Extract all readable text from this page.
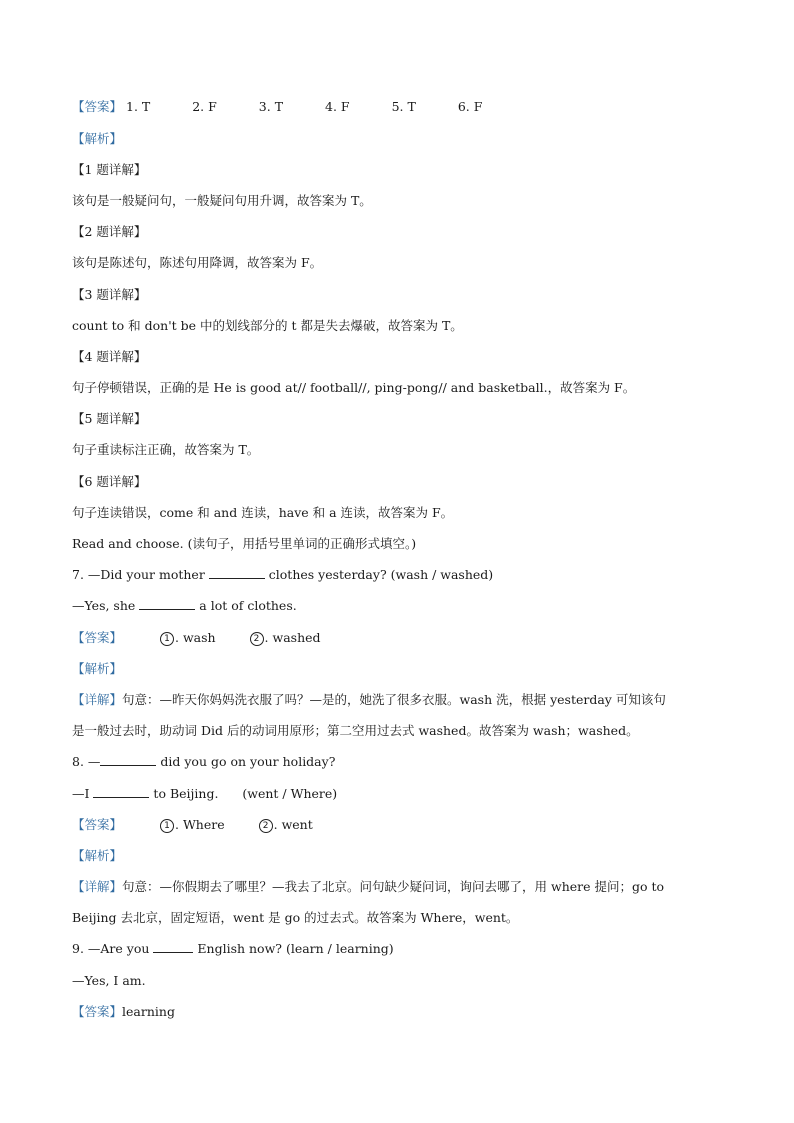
【答案】 1. T	2. F	3. T	4. F	5. T	6. F
【解析】
【1 题详解】
该句是一般疑问句，一般疑问句用升调，故答案为 T。
【2 题详解】
该句是陈述句，陈述句用降调，故答案为 F。
【3 题详解】
count to 和 don't be 中的划线部分的 t 都是失去爆破，故答案为 T。
【4 题详解】
句子停顿错误，正确的是 He is good at// football//, ping-pong// and basketball.，故答案为 F。
【5 题详解】
句子重读标注正确，故答案为 T。
【6 题详解】
句子连读错误，come 和 and 连读，have 和 a 连读，故答案为 F。
Read and choose. (读句子，用括号里单词的正确形式填空。)
7. —Did your mother	clothes yesterday? (wash / washed)
—Yes, she	a lot of clothes.
【答案】	1 . wash	2 . washed
【解析】
【详解】句意：—昨天你妈妈洗衣服了吗？—是的，她洗了很多衣服。wash 洗，根据 yesterday 可知该句
是一般过去时，助动词 Did 后的动词用原形；第二空用过去式 washed。故答案为 wash；washed。
8. —	did you go on your holiday?
—I	to Beijing. (went / Where)
【答案】	1 . Where	2 . went
【解析】
【详解】句意：—你假期去了哪里？—我去了北京。问句缺少疑问词，询问去哪了，用 where 提问；go to
Beijing 去北京，固定短语，went 是 go 的过去式。故答案为 Where，went。
9. —Are you	English now? (learn / learning)
—Yes, I am.
【答案】learning
